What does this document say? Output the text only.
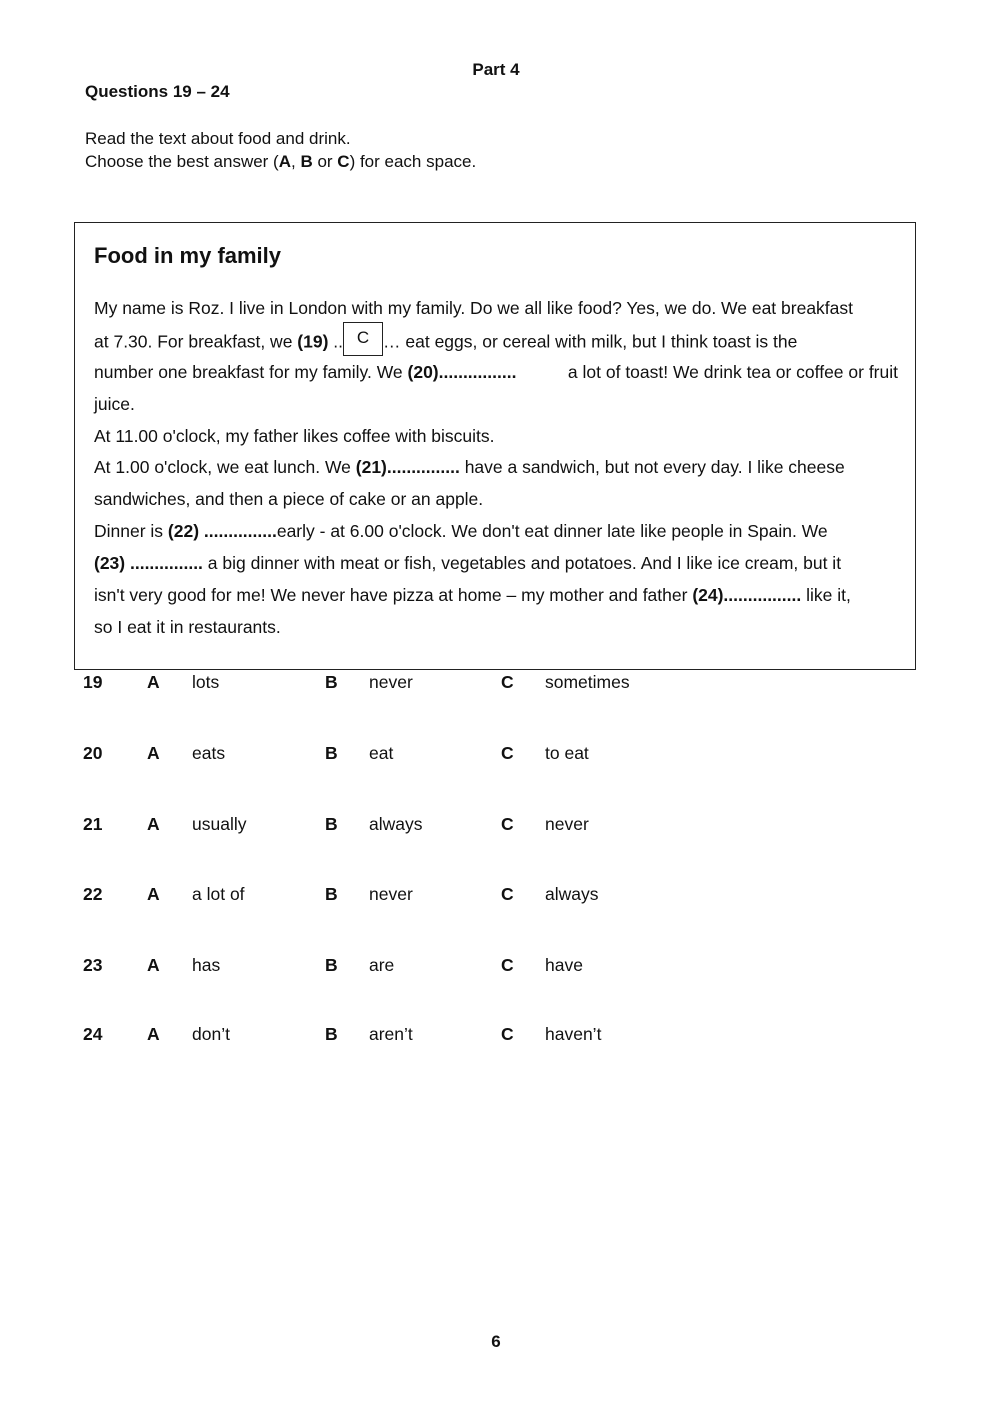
Part 4
Questions 19 – 24
Read the text about food and drink.
Choose the best answer (A, B or C) for each space.
Food in my family
My name is Roz. I live in London with my family. Do we all like food? Yes, we do. We eat breakfast
at 7.30. For breakfast, we (19) .. C … eat eggs, or cereal with milk, but I think toast is the
number one breakfast for my family. We (20)................	a lot of toast! We drink tea or coffee or fruit
juice.
At 11.00 o'clock, my father likes coffee with biscuits.
At 1.00 o'clock, we eat lunch. We (21)............... have a sandwich, but not every day. I like cheese
sandwiches, and then a piece of cake or an apple.
Dinner is (22) ...............early - at 6.00 o'clock. We don't eat dinner late like people in Spain. We
(23) ............... a big dinner with meat or fish, vegetables and potatoes. And I like ice cream, but it
isn't very good for me! We never have pizza at home – my mother and father (24)................ like it,
so I eat it in restaurants.
19	A lots	B never	C sometimes
20	A eats	B eat	C to eat
21	A usually	B always	C never
22	A a lot of	B never	C always
23	A has	B are	C have
24	A don’t	B aren’t	C haven’t
6
